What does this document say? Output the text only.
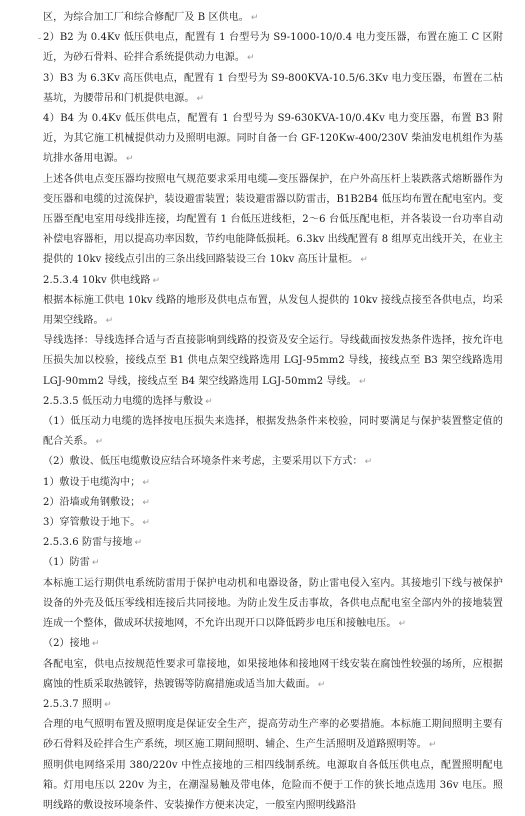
区，为综合加工厂和综合修配厂及 B 区供电。 ↵

2）B2 为 0.4Kv 低压供电点，配置有 1 台型号为 S9-1000-10/0.4 电力变压器，布置在施工 C 区附近，为砂石骨料、砼拌合系统提供动力电源。 ↵

3）B3 为 6.3Kv 高压供电点，配置有 1 台型号为 S9-800KVA-10.5/6.3Kv 电力变压器，布置在二枯基坑，为腰带吊和门机提供电源。 ↵

4）B4 为 0.4Kv 低压供电点，配置有 1 台型号为 S9-630KVA-10/0.4Kv 电力变压器，布置 B3 附近，为其它施工机械提供动力及照明电源。同时自备一台 GF-120Kw-400/230V 柴油发电机组作为基坑排水备用电源。 ↵

上述各供电点变压器均按照电气规范要求采用电缆—变压器保护，在户外高压杆上装跌落式熔断器作为变压器和电缆的过流保护，装设避雷装置；装设避雷器以防雷击，B1B2B4 低压均布置在配电室内。变压器至配电室用母线排连接，均配置有 1 台低压进线柜，2～6 台低压配电柜，并各装设一台功率自动补偿电容器柜，用以提高功率因数，节约电能降低损耗。6.3kv 出线配置有 8 组厚克出线开关，在业主提供的 10kv 接线点引出的三条出线回路装设三台 10kv 高压计量柜。 ↵

2.5.3.4 10kv 供电线路 ↵

根据本标施工供电 10kv 线路的地形及供电点布置，从发包人提供的 10kv 接线点接至各供电点，均采用架空线路。 ↵

导线选择：导线选择合适与否直接影响到线路的投资及安全运行。导线截面按发热条件选择，按允许电压损失加以校验，接线点至 B1 供电点架空线路选用 LGJ-95mm2 导线，接线点至 B3 架空线路选用 LGJ-90mm2 导线，接线点至 B4 架空线路选用 LGJ-50mm2 导线。 ↵

2.5.3.5 低压动力电缆的选择与敷设 ↵

（1）低压动力电缆的选择按电压损失来选择，根据发热条件来校验，同时要满足与保护装置整定值的配合关系。 ↵

（2）敷设、低压电缆敷设应结合环境条件来考虑，主要采用以下方式： ↵

1）敷设于电缆沟中； ↵

2）沿墙或角钢敷设； ↵

3）穿管敷设于地下。 ↵

2.5.3.6 防雷与接地 ↵

（1）防雷 ↵

本标施工运行期供电系统防雷用于保护电动机和电器设备，防止雷电侵入室内。其接地引下线与被保护设备的外壳及低压零线相连接后共同接地。为防止发生反击事故，各供电点配电室全部内外的接地装置连成一个整体，做成环状接地网，不允许出现开口以降低跨步电压和接触电压。 ↵

（2）接地 ↵

各配电室，供电点按规范性要求可靠接地，如果接地体和接地网干线安装在腐蚀性较强的场所，应根据腐蚀的性质采取热镀锌，热镀锡等防腐措施或适当加大截面。 ↵

2.5.3.7 照明 ↵

合理的电气照明布置及照明度是保证安全生产，提高劳动生产率的必要措施。本标施工期间照明主要有砂石骨料及砼拌合生产系统，坝区施工期间照明、辅企、生产生活照明及道路照明等。 ↵

照明供电网络采用 380/220v 中性点接地的三相四线制系统。电源取自各低压供电点，配置照明配电箱。灯用电压以 220v 为主，在潮湿易触及带电体，危险而不便于工作的狭长地点选用 36v 电压。照明线路的敷设按环境条件、安装操作方便来决定，一般室内照明线路沿
